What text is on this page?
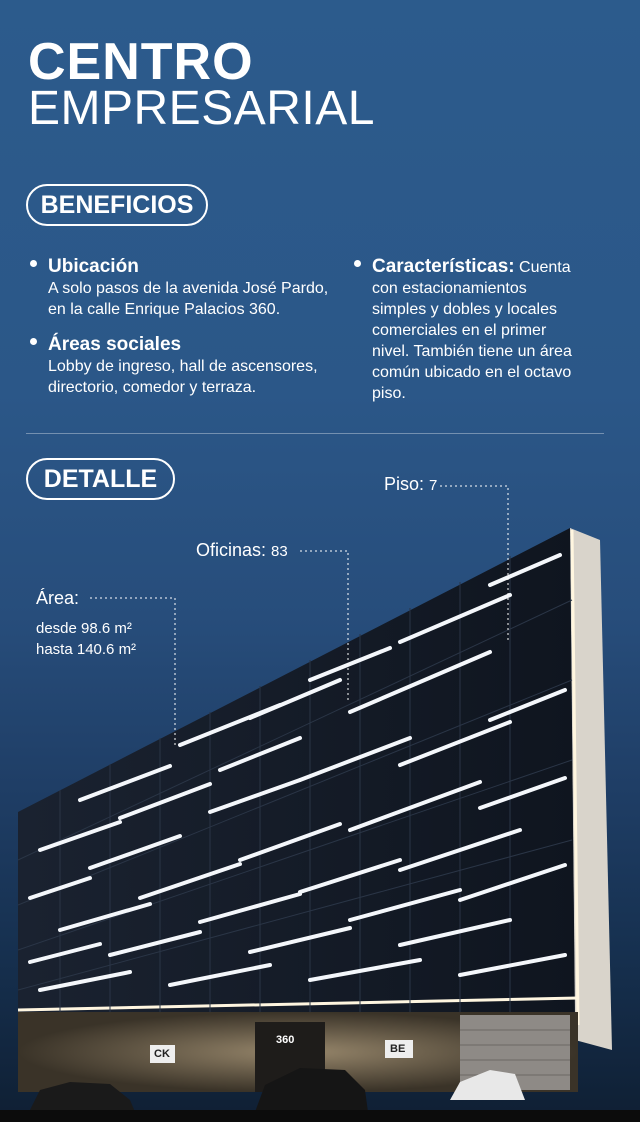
CENTRO
EMPRESARIAL
BENEFICIOS
Ubicación
A solo pasos de la avenida José Pardo, en la calle Enrique Palacios 360.
Áreas sociales
Lobby de ingreso, hall de ascensores, directorio, comedor y terraza.
Características: Cuenta con estacionamientos simples y dobles y locales comerciales en el primer nivel. También tiene un área común ubicado en el octavo piso.
DETALLE	Piso: 7
Oficinas: 83
Área:
desde 98.6 m²
hasta 140.6 m²
360
CK	BE
